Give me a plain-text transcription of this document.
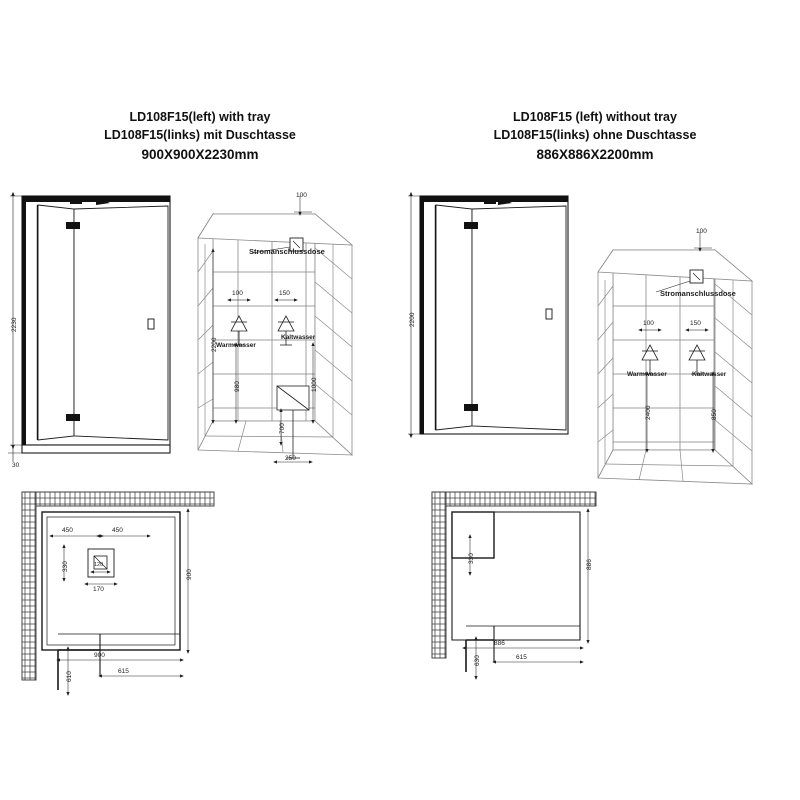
LD108F15(left) with tray
LD108F15(links) mit Duschtasse
900X900X2230mm
LD108F15 (left) without tray
LD108F15(links) ohne Duschtasse
886X886X2200mm
2230
30
2200
Stromanschlussdose
Warmwasser
Kaltwasser
100	150
100
2200
980	1000
700
250
Stromanschlussdose
Warmwasser	Kaltwasser
100	150
100
2400	850
450	450
330
170
120
900
900
615
610
330
886
886
615
630
